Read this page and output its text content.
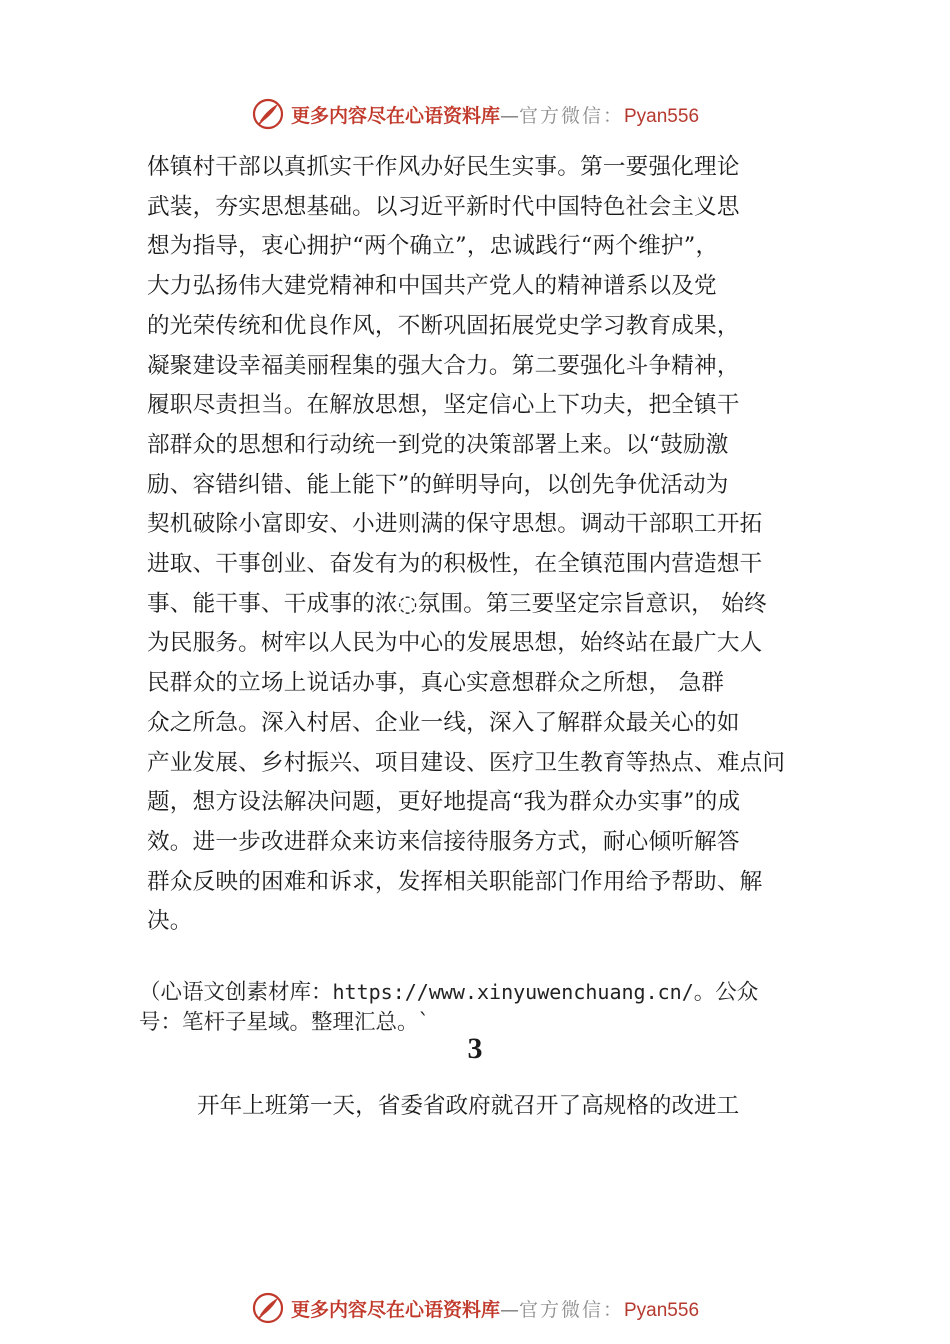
更多内容尽在心语资料库 — 官方微信： Pyan556
体镇村干部以真抓实干作风办好民生实事。第一要强化理论
武装，夯实思想基础。以习近平新时代中国特色社会主义思
想为指导，衷心拥护“两个确立”，忠诚践行“两个维护”，
大力弘扬伟大建党精神和中国共产党人的精神谱系以及党
的光荣传统和优良作风，不断巩固拓展党史学习教育成果，
凝聚建设幸福美丽程集的强大合力。第二要强化斗争精神，
履职尽责担当。在解放思想，坚定信心上下功夫，把全镇干
部群众的思想和行动统一到党的决策部署上来。以“鼓励激
励、容错纠错、能上能下”的鲜明导向，以创先争优活动为
契机破除小富即安、小进则满的保守思想。调动干部职工开拓
进取、干事创业、奋发有为的积极性，在全镇范围内营造想干
事、能干事、干成事的浓◌氛围。第三要坚定宗旨意识， 始终
为民服务。树牢以人民为中心的发展思想，始终站在最广大人
民群众的立场上说话办事，真心实意想群众之所想， 急群
众之所急。深入村居、企业一线，深入了解群众最关心的如
产业发展、乡村振兴、项目建设、医疗卫生教育等热点、难点问
题，想方设法解决问题，更好地提高“我为群众办实事”的成
效。进一步改进群众来访来信接待服务方式，耐心倾听解答
群众反映的困难和诉求，发挥相关职能部门作用给予帮助、解
决。
（心语文创素材库：https://www.xinyuwenchuang.cn/。公众
号：笔杆子星域。整理汇总。`
3
开年上班第一天，省委省政府就召开了高规格的改进工
更多内容尽在心语资料库 — 官方微信： Pyan556
